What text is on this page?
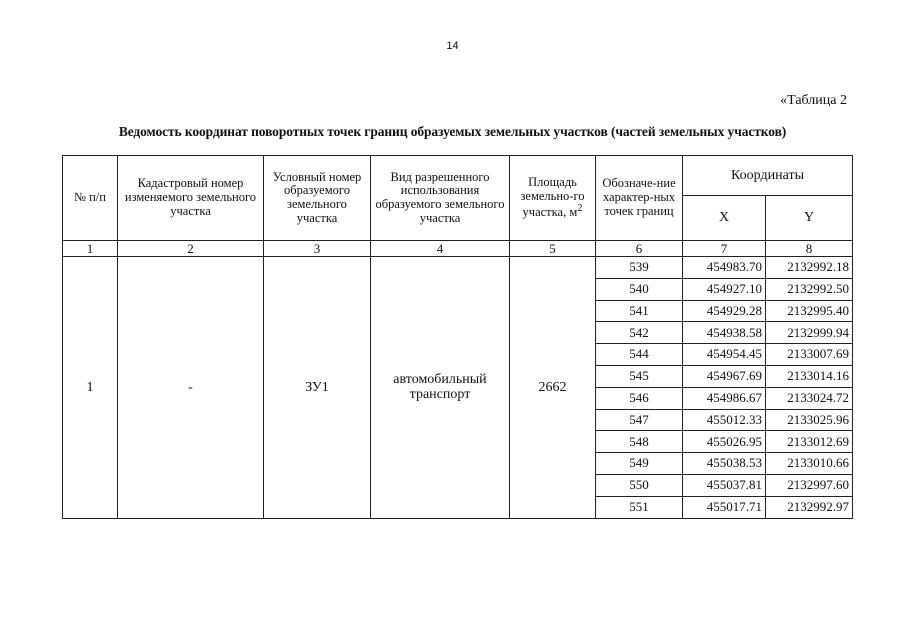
14
«Таблица 2
Ведомость координат поворотных точек границ образуемых земельных участков (частей земельных участков)
№ п/п	Кадастровый номер изменяемого земельного участка	Условный номер образуемого земельного участка	Вид разрешенного использования образуемого земельного участка	Площадь земельно-го участка, $м^2$	Обозначе-ние характер-ных точек границ	Координаты	
						X	Y
1	2	3	4	5	6	7	8
1	-	ЗУ1	автомобильный транспорт	2662	539	454983.70	2132992.18
					540	454927.10	2132992.50
					541	454929.28	2132995.40
					542	454938.58	2132999.94
					544	454954.45	2133007.69
					545	454967.69	2133014.16
					546	454986.67	2133024.72
					547	455012.33	2133025.96
					548	455026.95	2133012.69
					549	455038.53	2133010.66
					550	455037.81	2132997.60
					551	455017.71	2132992.97
